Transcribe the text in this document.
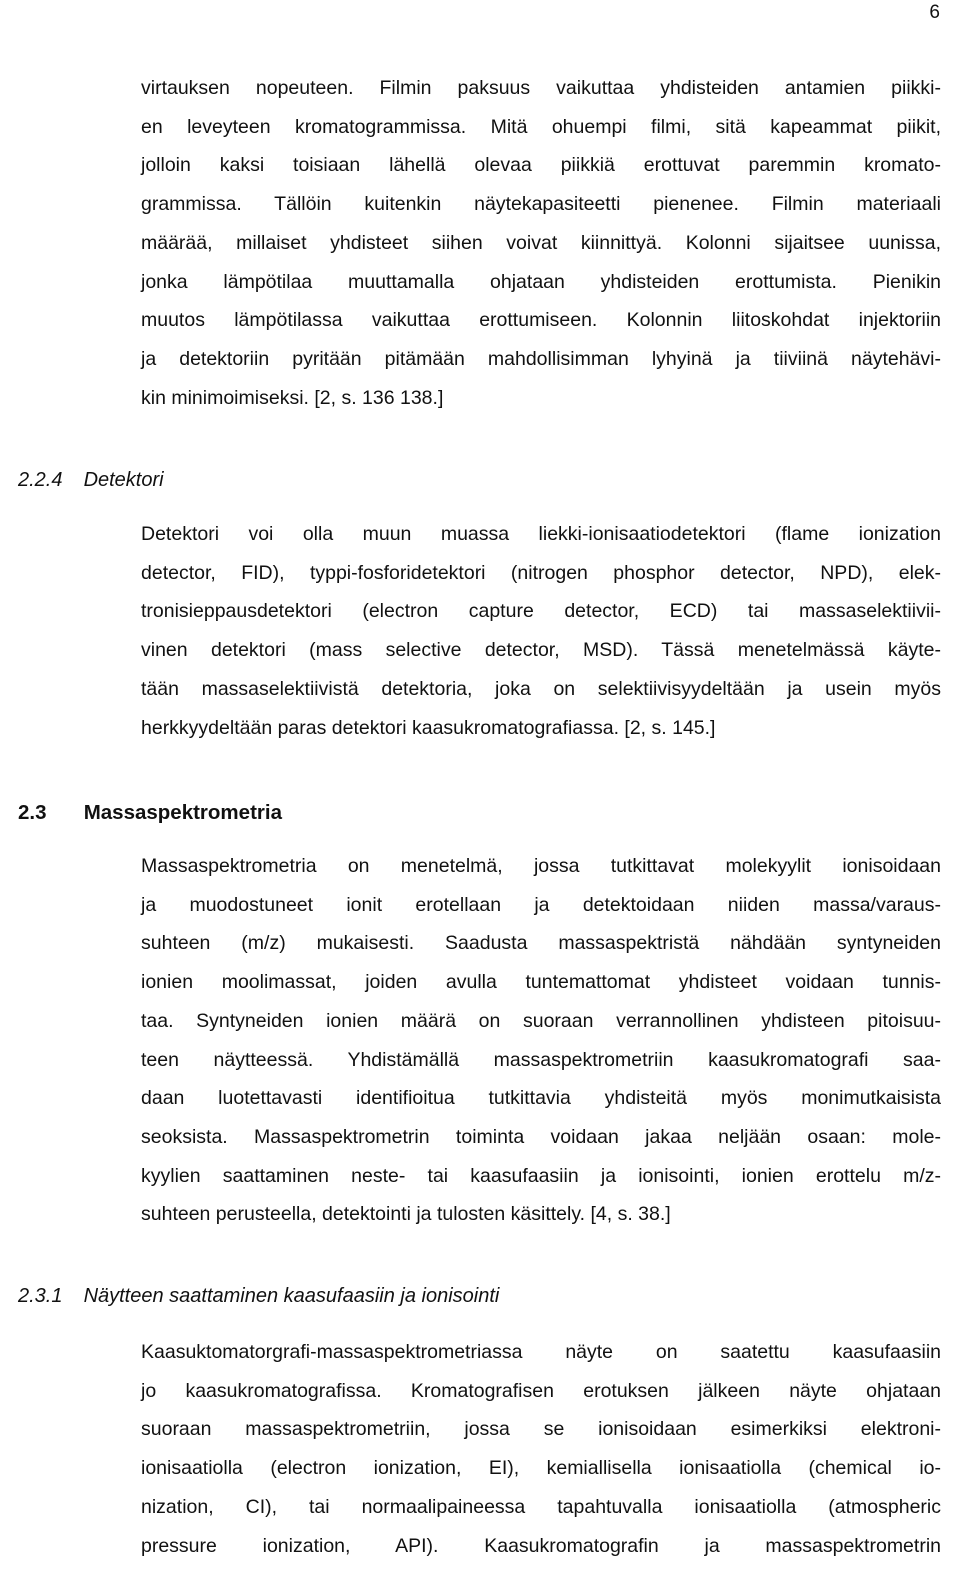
6
virtauksen nopeuteen. Filmin paksuus vaikuttaa yhdisteiden antamien piikki-
en leveyteen kromatogrammissa. Mitä ohuempi filmi, sitä kapeammat piikit,
jolloin kaksi toisiaan lähellä olevaa piikkiä erottuvat paremmin kromato-
grammissa. Tällöin kuitenkin näytekapasiteetti pienenee. Filmin materiaali
määrää, millaiset yhdisteet siihen voivat kiinnittyä. Kolonni sijaitsee uunissa,
jonka lämpötilaa muuttamalla ohjataan yhdisteiden erottumista. Pienikin
muutos lämpötilassa vaikuttaa erottumiseen. Kolonnin liitoskohdat injektoriin
ja detektoriin pyritään pitämään mahdollisimman lyhyinä ja tiiviinä näytehävi-
kin minimoimiseksi. [2, s. 136 138.]
2.2.4 Detektori
Detektori voi olla muun muassa liekki-ionisaatiodetektori (flame ionization
detector, FID), typpi-fosforidetektori (nitrogen phosphor detector, NPD), elek-
tronisieppausdetektori (electron capture detector, ECD) tai massaselektiivii-
vinen detektori (mass selective detector, MSD). Tässä menetelmässä käyte-
tään massaselektiivistä detektoria, joka on selektiivisyydeltään ja usein myös
herkkyydeltään paras detektori kaasukromatografiassa. [2, s. 145.]
2.3 Massaspektrometria
Massaspektrometria on menetelmä, jossa tutkittavat molekyylit ionisoidaan
ja muodostuneet ionit erotellaan ja detektoidaan niiden massa/varaus-
suhteen (m/z) mukaisesti. Saadusta massaspektristä nähdään syntyneiden
ionien moolimassat, joiden avulla tuntemattomat yhdisteet voidaan tunnis-
taa. Syntyneiden ionien määrä on suoraan verrannollinen yhdisteen pitoisuu-
teen näytteessä. Yhdistämällä massaspektrometriin kaasukromatografi saa-
daan luotettavasti identifioitua tutkittavia yhdisteitä myös monimutkaisista
seoksista. Massaspektrometrin toiminta voidaan jakaa neljään osaan: mole-
kyylien saattaminen neste- tai kaasufaasiin ja ionisointi, ionien erottelu m/z-
suhteen perusteella, detektointi ja tulosten käsittely. [4, s. 38.]
2.3.1 Näytteen saattaminen kaasufaasiin ja ionisointi
Kaasuktomatorgrafi-massaspektrometriassa näyte on saatettu kaasufaasiin
jo kaasukromatografissa. Kromatografisen erotuksen jälkeen näyte ohjataan
suoraan massaspektrometriin, jossa se ionisoidaan esimerkiksi elektroni-
ionisaatiolla (electron ionization, EI), kemiallisella ionisaatiolla (chemical io-
nization, CI), tai normaalipaineessa tapahtuvalla ionisaatiolla (atmospheric
pressure ionization, API). Kaasukromatografin ja massaspektrometrin
